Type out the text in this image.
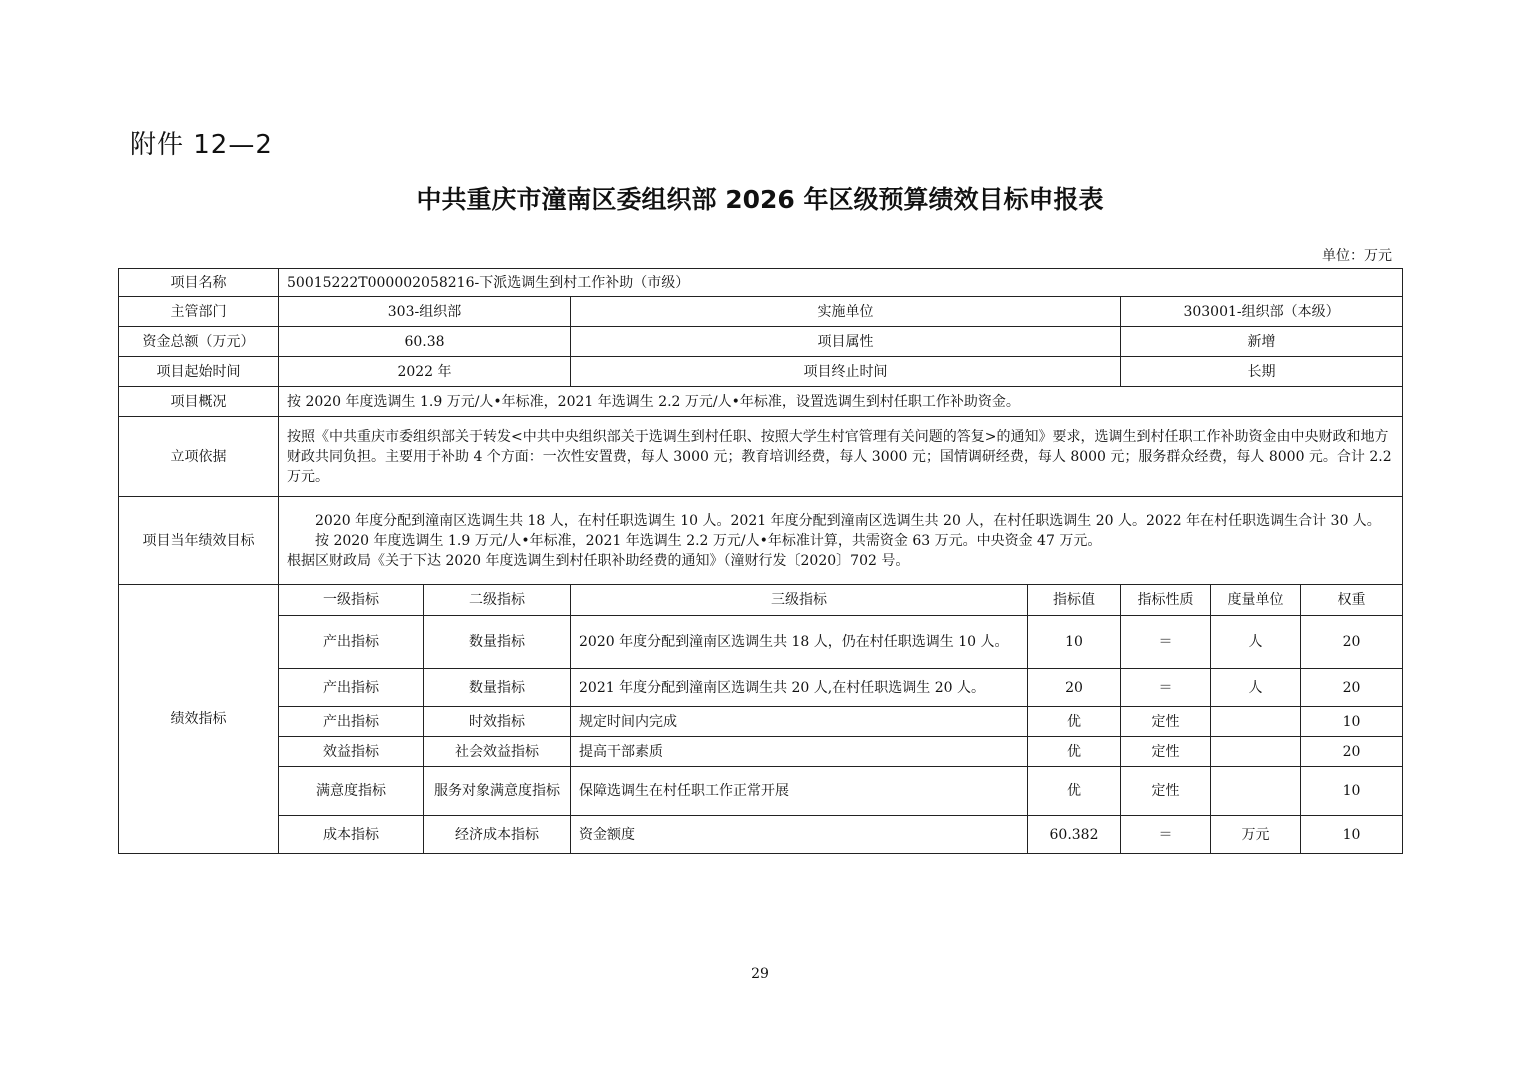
附件 12—2
中共重庆市潼南区委组织部 2026 年区级预算绩效目标申报表
单位：万元
项目名称	50015222T000002058216-下派选调生到村工作补助（市级）						
主管部门	303-组织部		实施单位		303001-组织部（本级）		
资金总额（万元）	60.38		项目属性		新增		
项目起始时间	2022 年		项目终止时间		长期		
项目概况	按 2020 年度选调生 1.9 万元/人•年标准，2021 年选调生 2.2 万元/人•年标准，设置选调生到村任职工作补助资金。						
立项依据	按照《中共重庆市委组织部关于转发<中共中央组织部关于选调生到村任职、按照大学生村官管理有关问题的答复>的通知》要求，选调生到村任职工作补助资金由中央财政和地方财政共同负担。主要用于补助 4 个方面：一次性安置费，每人 3000 元；教育培训经费，每人 3000 元；国情调研经费，每人 8000 元；服务群众经费，每人 8000 元。合计 2.2 万元。						
项目当年绩效目标	2020 年度分配到潼南区选调生共 18 人，在村任职选调生 10 人。2021 年度分配到潼南区选调生共 20 人，在村任职选调生 20 人。2022 年在村任职选调生合计 30 人。

按 2020 年度选调生 1.9 万元/人•年标准，2021 年选调生 2.2 万元/人•年标准计算，共需资金 63 万元。中央资金 47 万元。

根据区财政局《关于下达 2020 年度选调生到村任职补助经费的通知》（潼财行发〔2020〕702 号。						

绩效指标	一级指标	二级指标	三级指标	指标值	指标性质	度量单位	权重
	产出指标	数量指标	2020 年度分配到潼南区选调生共 18 人，仍在村任职选调生 10 人。	10	＝	人	20
	产出指标	数量指标	2021 年度分配到潼南区选调生共 20 人,在村任职选调生 20 人。	20	＝	人	20
	产出指标	时效指标	规定时间内完成	优	定性		10
	效益指标	社会效益指标	提高干部素质	优	定性		20
	满意度指标	服务对象满意度指标	保障选调生在村任职工作正常开展	优	定性		10
	成本指标	经济成本指标	资金额度	60.382	＝	万元	10
29
